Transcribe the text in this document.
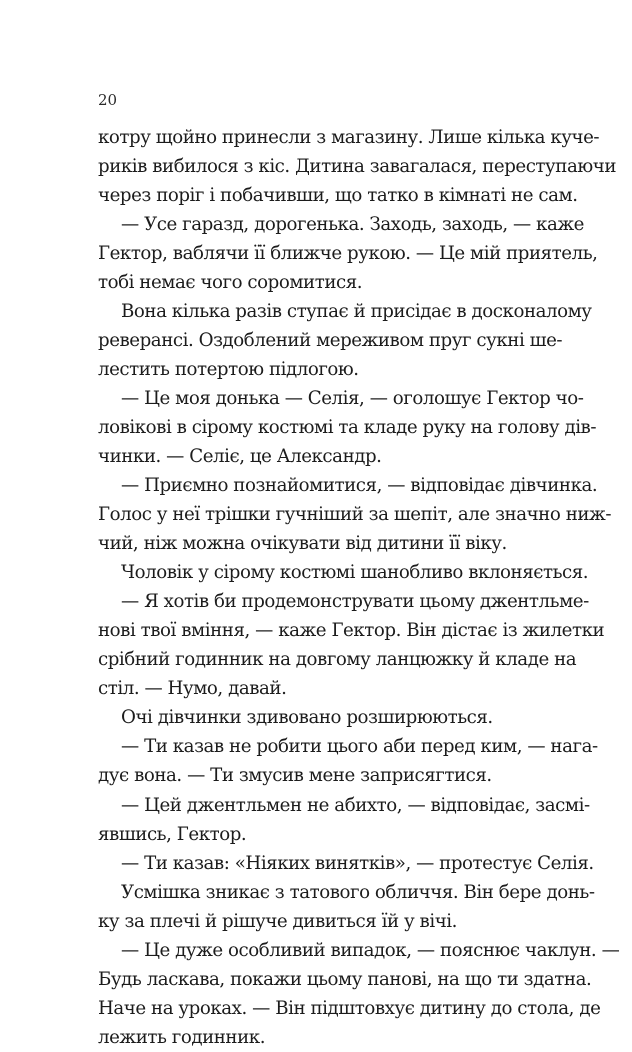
20
котру щойно принесли з магазину. Лише кілька куче-
риків вибилося з кіс. Дитина завагалася, переступаючи
через поріг і побачивши, що татко в кімнаті не сам.
— Усе гаразд, дорогенька. Заходь, заходь, — каже
Гектор, ваблячи її ближче рукою. — Це мій приятель,
тобі немає чого соромитися.
Вона кілька разів ступає й присідає в досконалому
реверансі. Оздоблений мереживом пруг сукні ше-
лестить потертою підлогою.
— Це моя донька — Селія, — оголошує Гектор чо-
ловікові в сірому костюмі та кладе руку на голову дів-
чинки. — Селіє, це Александр.
— Приємно познайомитися, — відповідає дівчинка.
Голос у неї трішки гучніший за шепіт, але значно ниж-
чий, ніж можна очікувати від дитини її віку.
Чоловік у сірому костюмі шанобливо вклоняється.
— Я хотів би продемонструвати цьому джентльме-
нові твої вміння, — каже Гектор. Він дістає із жилетки
срібний годинник на довгому ланцюжку й кладе на
стіл. — Нумо, давай.
Очі дівчинки здивовано розширюються.
— Ти казав не робити цього аби перед ким, — нага-
дує вона. — Ти змусив мене заприсягтися.
— Цей джентльмен не абихто, — відповідає, засмі-
явшись, Гектор.
— Ти казав: «Ніяких винятків», — протестує Селія.
Усмішка зникає з татового обличчя. Він бере донь-
ку за плечі й рішуче дивиться їй у вічі.
— Це дуже особливий випадок, — пояснює чаклун. —
Будь ласкава, покажи цьому панові, на що ти здатна.
Наче на уроках. — Він підштовхує дитину до стола, де
лежить годинник.
